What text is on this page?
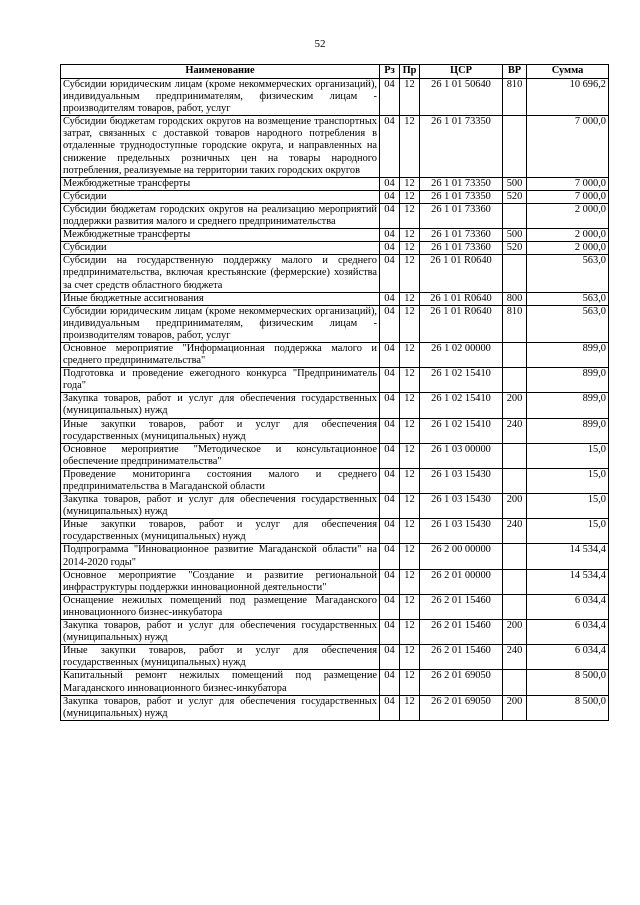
52
Наименование	Рз	Пр	ЦСР	ВР	Сумма
Субсидии юридическим лицам (кроме некоммерческих организаций), индивидуальным предпринимателям, физическим лицам - производителям товаров, работ, услуг	04	12	26 1 01 50640	810	10 696,2
Субсидии бюджетам городских округов на возмещение транспортных затрат, связанных с доставкой товаров народного потребления в отдаленные труднодоступные городские округа, и направленных на снижение предельных розничных цен на товары народного потребления, реализуемые на территории таких городских округов	04	12	26 1 01 73350		7 000,0
Межбюджетные трансферты	04	12	26 1 01 73350	500	7 000,0
Субсидии	04	12	26 1 01 73350	520	7 000,0
Субсидии бюджетам городских округов на реализацию мероприятий поддержки развития малого и среднего предпринимательства	04	12	26 1 01 73360		2 000,0
Межбюджетные трансферты	04	12	26 1 01 73360	500	2 000,0
Субсидии	04	12	26 1 01 73360	520	2 000,0
Субсидии на государственную поддержку малого и среднего предпринимательства, включая крестьянские (фермерские) хозяйства за счет средств областного бюджета	04	12	26 1 01 R0640		563,0
Иные бюджетные ассигнования	04	12	26 1 01 R0640	800	563,0
Субсидии юридическим лицам (кроме некоммерческих организаций), индивидуальным предпринимателям, физическим лицам - производителям товаров, работ, услуг	04	12	26 1 01 R0640	810	563,0
Основное мероприятие "Информационная поддержка малого и среднего предпринимательства"	04	12	26 1 02 00000		899,0
Подготовка и проведение ежегодного конкурса "Предприниматель года"	04	12	26 1 02 15410		899,0
Закупка товаров, работ и услуг для обеспечения государственных (муниципальных) нужд	04	12	26 1 02 15410	200	899,0
Иные закупки товаров, работ и услуг для обеспечения государственных (муниципальных) нужд	04	12	26 1 02 15410	240	899,0
Основное мероприятие "Методическое и консультационное обеспечение предпринимательства"	04	12	26 1 03 00000		15,0
Проведение мониторинга состояния малого и среднего предпринимательства в Магаданской области	04	12	26 1 03 15430		15,0
Закупка товаров, работ и услуг для обеспечения государственных (муниципальных) нужд	04	12	26 1 03 15430	200	15,0
Иные закупки товаров, работ и услуг для обеспечения государственных (муниципальных) нужд	04	12	26 1 03 15430	240	15,0
Подпрограмма "Инновационное развитие Магаданской области" на 2014-2020 годы"	04	12	26 2 00 00000		14 534,4
Основное мероприятие "Создание и развитие региональной инфраструктуры поддержки инновационной деятельности"	04	12	26 2 01 00000		14 534,4
Оснащение нежилых помещений под размещение Магаданского инновационного бизнес-инкубатора	04	12	26 2 01 15460		6 034,4
Закупка товаров, работ и услуг для обеспечения государственных (муниципальных) нужд	04	12	26 2 01 15460	200	6 034,4
Иные закупки товаров, работ и услуг для обеспечения государственных (муниципальных) нужд	04	12	26 2 01 15460	240	6 034,4
Капитальный ремонт нежилых помещений под размещение Магаданского инновационного бизнес-инкубатора	04	12	26 2 01 69050		8 500,0
Закупка товаров, работ и услуг для обеспечения государственных (муниципальных) нужд	04	12	26 2 01 69050	200	8 500,0
